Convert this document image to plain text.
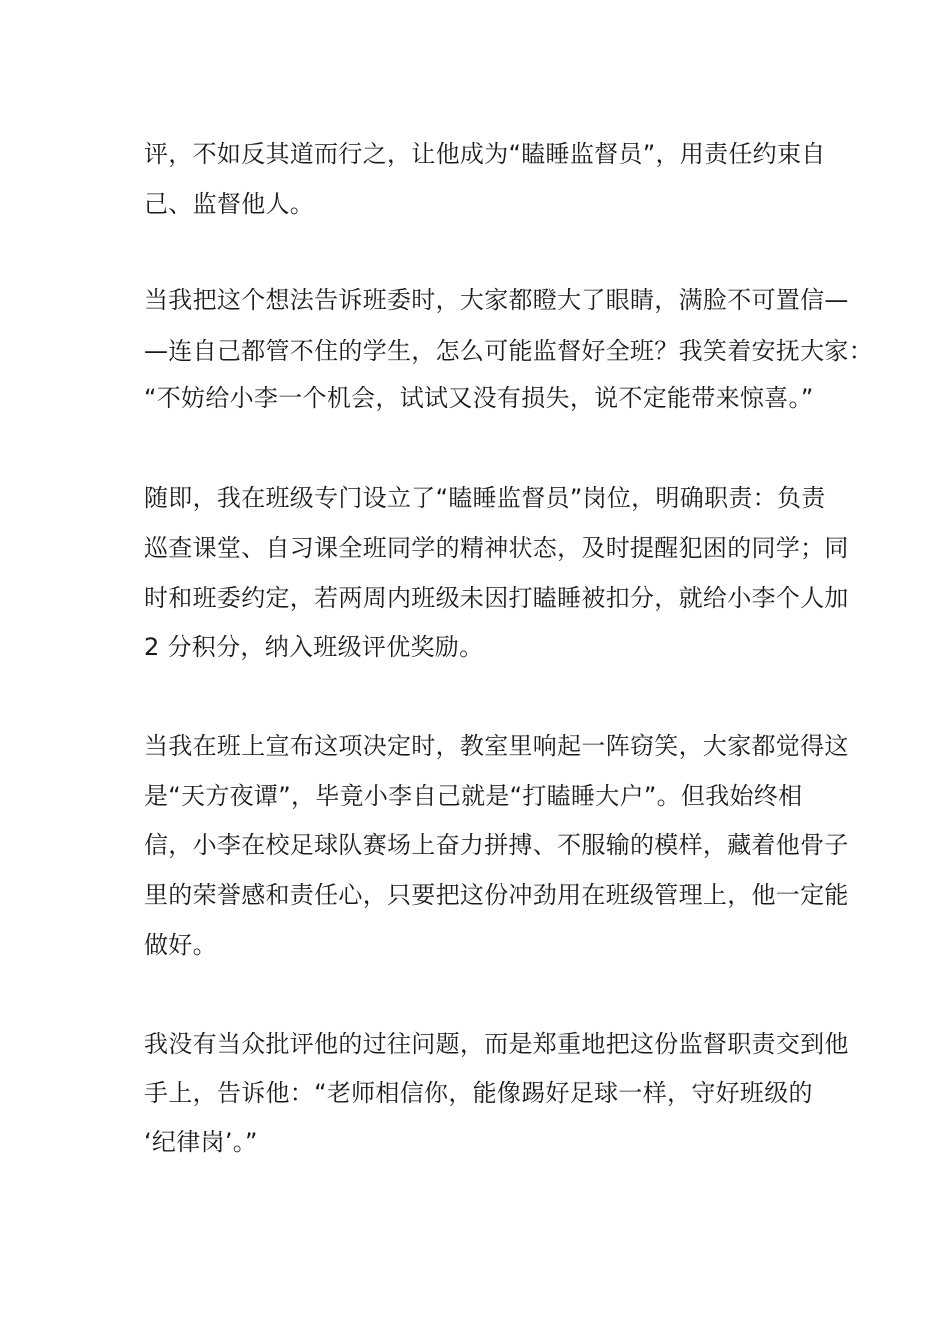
评，不如反其道而行之，让他成为“瞌睡监督员”，用责任约束自
己、监督他人。
当我把这个想法告诉班委时，大家都瞪大了眼睛，满脸不可置信—
—连自己都管不住的学生，怎么可能监督好全班？我笑着安抚大家：
“不妨给小李一个机会，试试又没有损失，说不定能带来惊喜。”
随即，我在班级专门设立了“瞌睡监督员”岗位，明确职责：负责
巡查课堂、自习课全班同学的精神状态，及时提醒犯困的同学；同
时和班委约定，若两周内班级未因打瞌睡被扣分，就给小李个人加
2 分积分，纳入班级评优奖励。
当我在班上宣布这项决定时，教室里响起一阵窃笑，大家都觉得这
是“天方夜谭”，毕竟小李自己就是“打瞌睡大户”。但我始终相
信，小李在校足球队赛场上奋力拼搏、不服输的模样，藏着他骨子
里的荣誉感和责任心，只要把这份冲劲用在班级管理上，他一定能
做好。
我没有当众批评他的过往问题，而是郑重地把这份监督职责交到他
手上，告诉他：“老师相信你，能像踢好足球一样，守好班级的
‘纪律岗’。”
